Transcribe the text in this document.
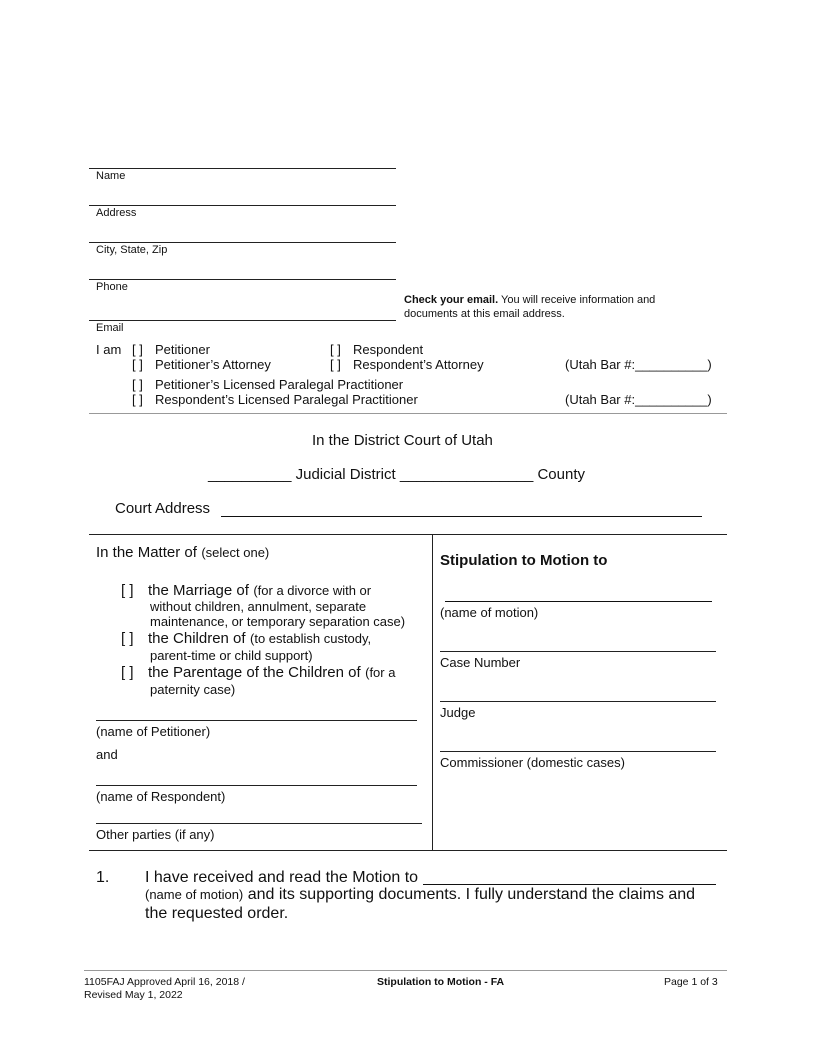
Name
Address
City, State, Zip
Phone
Check your email. You will receive information and
documents at this email address.
Email
I am [ ] Petitioner	[ ] Respondent
[ ] Petitioner’s Attorney	[ ] Respondent’s Attorney	(Utah Bar #:__________)
[ ] Petitioner’s Licensed Paralegal Practitioner
[ ] Respondent’s Licensed Paralegal Practitioner	(Utah Bar #:__________)
In the District Court of Utah
__________ Judicial District ________________ County
Court Address
In the Matter of (select one)
[ ] the Marriage of (for a divorce with or
without children, annulment, separate
maintenance, or temporary separation case)
[ ] the Children of (to establish custody,
parent-time or child support)
[ ] the Parentage of the Children of (for a
paternity case)
(name of Petitioner)
and
(name of Respondent)
Other parties (if any)
Stipulation to Motion to
(name of motion)
Case Number
Judge
Commissioner (domestic cases)
1. I have received and read the Motion to
(name of motion) and its supporting documents. I fully understand the claims and
the requested order.
1105FAJ Approved April 16, 2018 /
Revised May 1, 2022
Stipulation to Motion - FA	Page 1 of 3
